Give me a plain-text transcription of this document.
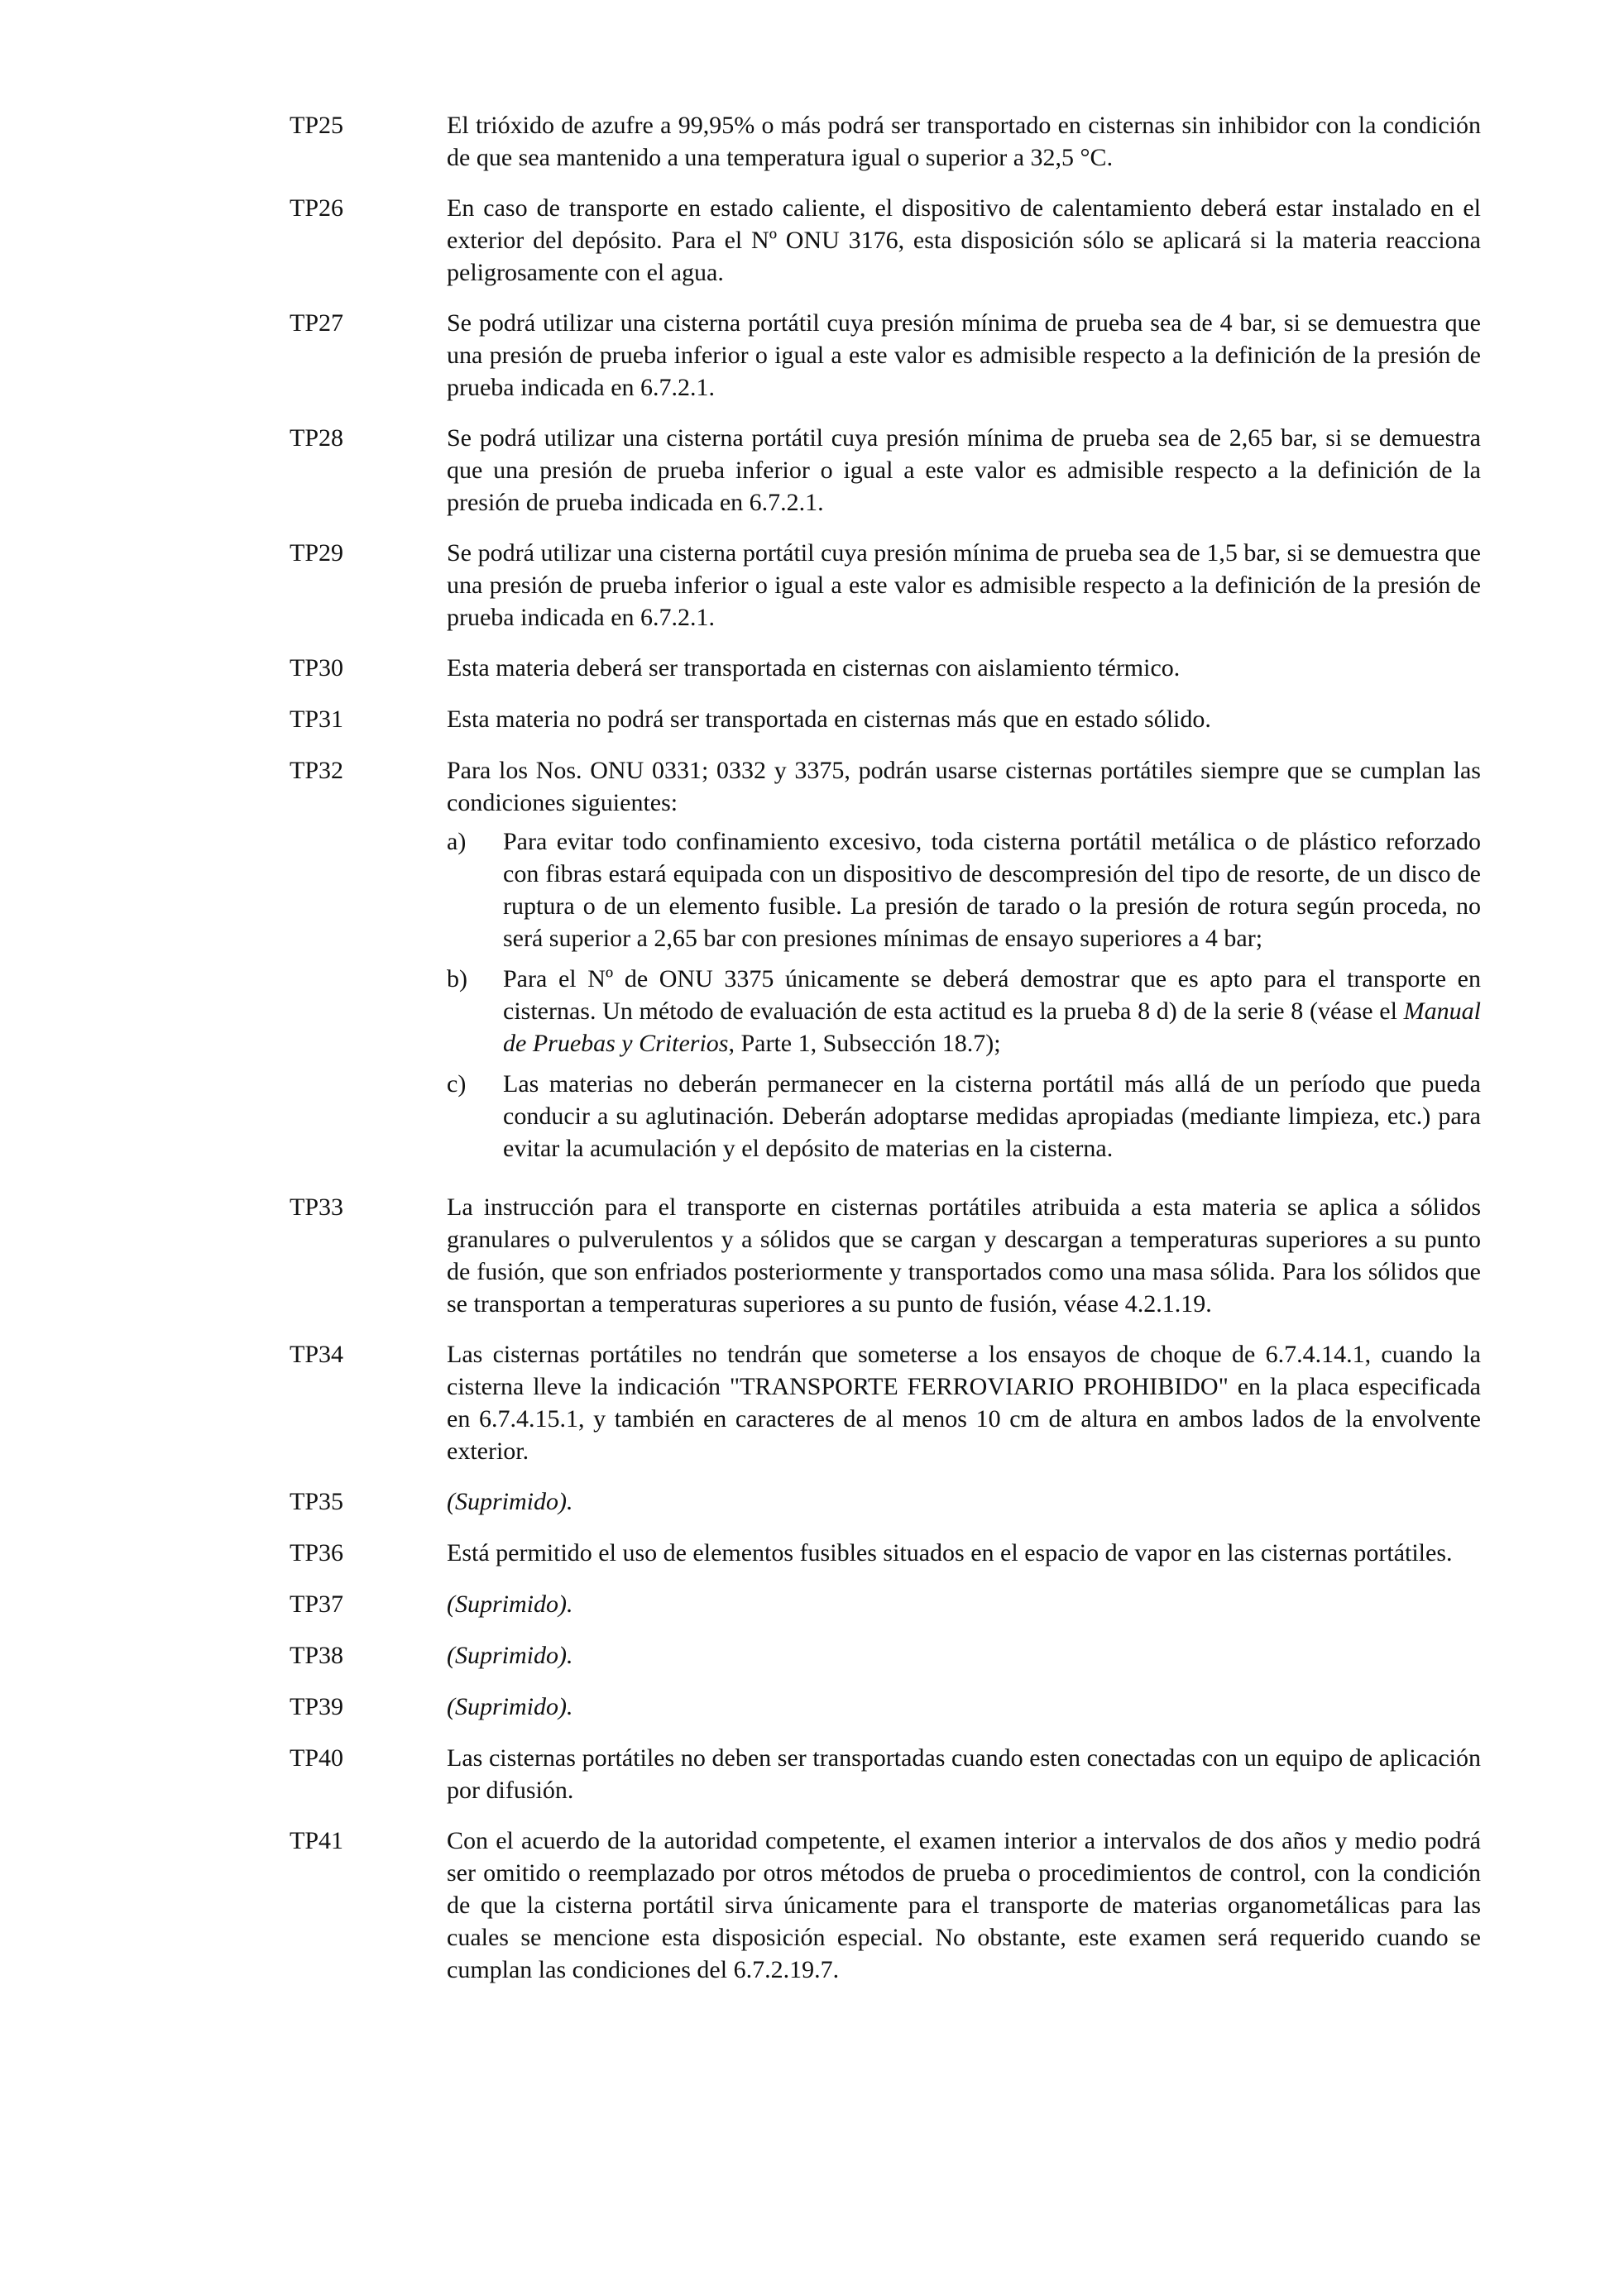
TP25	El trióxido de azufre a 99,95% o más podrá ser transportado en cisternas sin inhibidor con la condición de que sea mantenido a una temperatura igual o superior a 32,5 °C.
TP26	En caso de transporte en estado caliente, el dispositivo de calentamiento deberá estar instalado en el exterior del depósito. Para el Nº ONU 3176, esta disposición sólo se aplicará si la materia reacciona peligrosamente con el agua.
TP27	Se podrá utilizar una cisterna portátil cuya presión mínima de prueba sea de 4 bar, si se demuestra que una presión de prueba inferior o igual a este valor es admisible respecto a la definición de la presión de prueba indicada en 6.7.2.1.
TP28	Se podrá utilizar una cisterna portátil cuya presión mínima de prueba sea de 2,65 bar, si se demuestra que una presión de prueba inferior o igual a este valor es admisible respecto a la definición de la presión de prueba indicada en 6.7.2.1.
TP29	Se podrá utilizar una cisterna portátil cuya presión mínima de prueba sea de 1,5 bar, si se demuestra que una presión de prueba inferior o igual a este valor es admisible respecto a la definición de la presión de prueba indicada en 6.7.2.1.
TP30	Esta materia deberá ser transportada en cisternas con aislamiento térmico.
TP31	Esta materia no podrá ser transportada en cisternas más que en estado sólido.
TP32	Para los Nos. ONU 0331; 0332 y 3375, podrán usarse cisternas portátiles siempre que se cumplan las condiciones siguientes:

a)	Para evitar todo confinamiento excesivo, toda cisterna portátil metálica o de plástico reforzado con fibras estará equipada con un dispositivo de descompresión del tipo de resorte, de un disco de ruptura o de un elemento fusible. La presión de tarado o la presión de rotura según proceda, no será superior a 2,65 bar con presiones mínimas de ensayo superiores a 4 bar;
b)	Para el Nº de ONU 3375 únicamente se deberá demostrar que es apto para el transporte en cisternas. Un método de evaluación de esta actitud es la prueba 8 d) de la serie 8 (véase el Manual de Pruebas y Criterios, Parte 1, Subsección 18.7);
c)	Las materias no deberán permanecer en la cisterna portátil más allá de un período que pueda conducir a su aglutinación. Deberán adoptarse medidas apropiadas (mediante limpieza, etc.) para evitar la acumulación y el depósito de materias en la cisterna.
TP33	La instrucción para el transporte en cisternas portátiles atribuida a esta materia se aplica a sólidos granulares o pulverulentos y a sólidos que se cargan y descargan a temperaturas superiores a su punto de fusión, que son enfriados posteriormente y transportados como una masa sólida. Para los sólidos que se transportan a temperaturas superiores a su punto de fusión, véase 4.2.1.19.
TP34	Las cisternas portátiles no tendrán que someterse a los ensayos de choque de 6.7.4.14.1, cuando la cisterna lleve la indicación "TRANSPORTE FERROVIARIO PROHIBIDO" en la placa especificada en 6.7.4.15.1, y también en caracteres de al menos 10 cm de altura en ambos lados de la envolvente exterior.
TP35	(Suprimido).
TP36	Está permitido el uso de elementos fusibles situados en el espacio de vapor en las cisternas portátiles.
TP37	(Suprimido).
TP38	(Suprimido).
TP39	(Suprimido).
TP40	Las cisternas portátiles no deben ser transportadas cuando esten conectadas con un equipo de aplicación por difusión.
TP41	Con el acuerdo de la autoridad competente, el examen interior a intervalos de dos años y medio podrá ser omitido o reemplazado por otros métodos de prueba o procedimientos de control, con la condición de que la cisterna portátil sirva únicamente para el transporte de materias organometálicas para las cuales se mencione esta disposición especial. No obstante, este examen será requerido cuando se cumplan las condiciones del 6.7.2.19.7.
